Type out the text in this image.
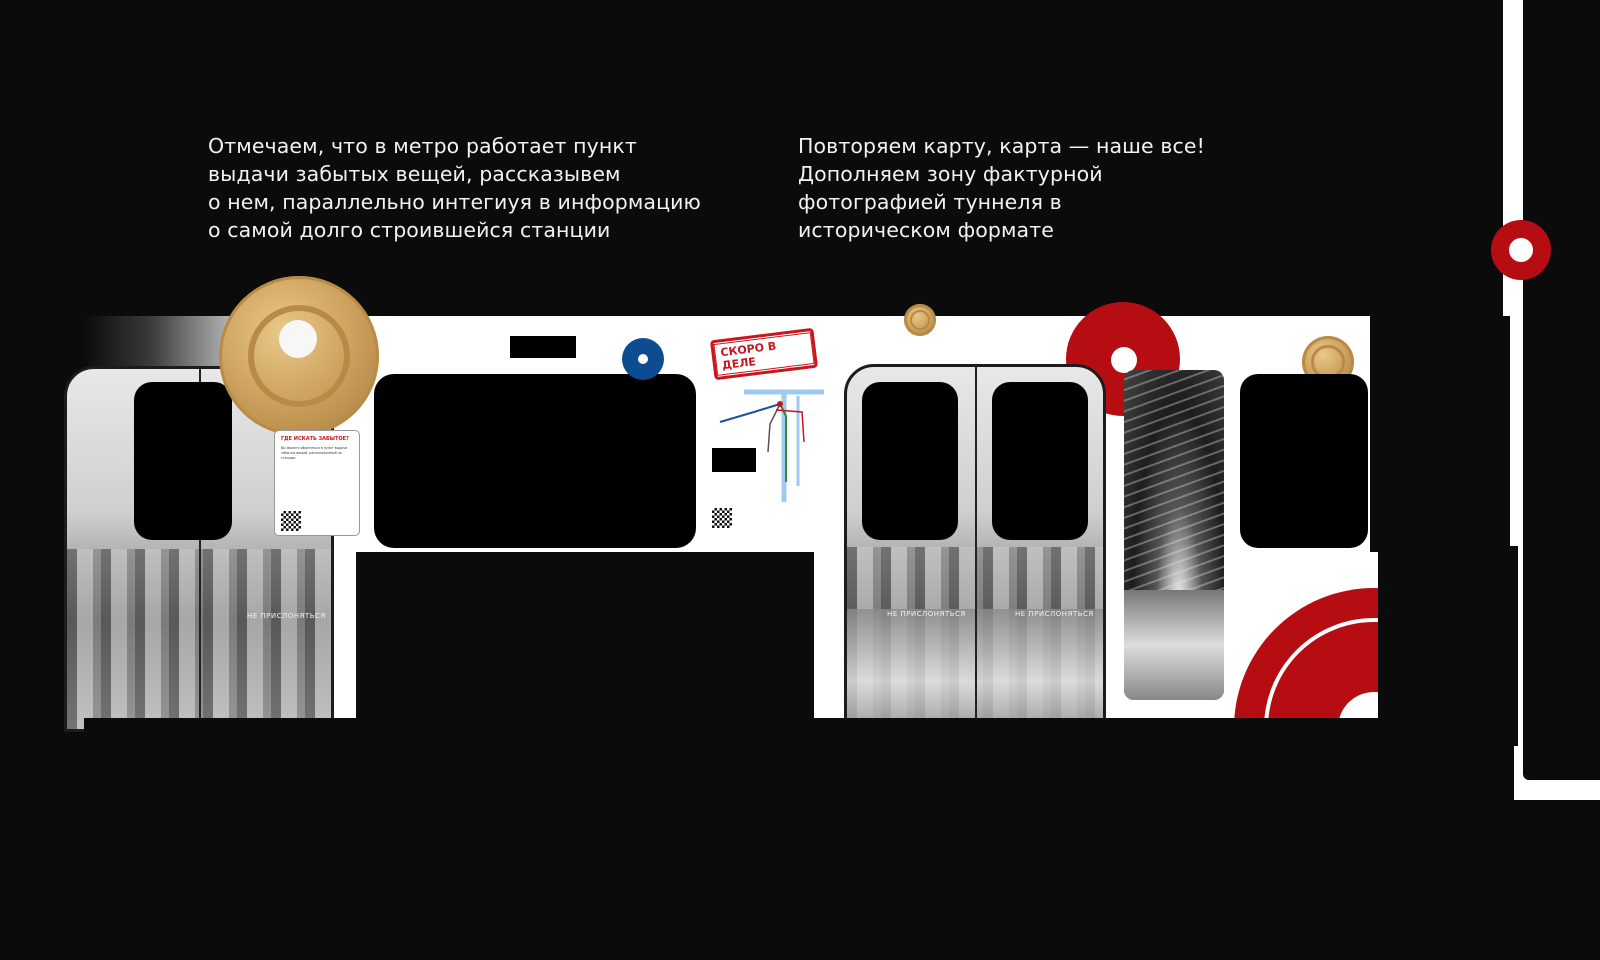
Отмечаем, что в метро работает пункт
выдачи забытых вещей, рассказывем
о нем, параллельно интегиуя в информацию
о самой долго строившейся станции
Повторяем карту, карта — наше все!
Дополняем зону фактурной
фотографией туннеля в
историческом формате
НЕ ПРИСЛОНЯТЬСЯ
ГДЕ ИСКАТЬ ЗАБЫТОЕ?
Вы можете обратиться в пункт выдачи забытых вещей, расположенный на станции.
СКОРО В ДЕЛЕ
НЕ ПРИСЛОНЯТЬСЯ	НЕ ПРИСЛОНЯТЬСЯ
